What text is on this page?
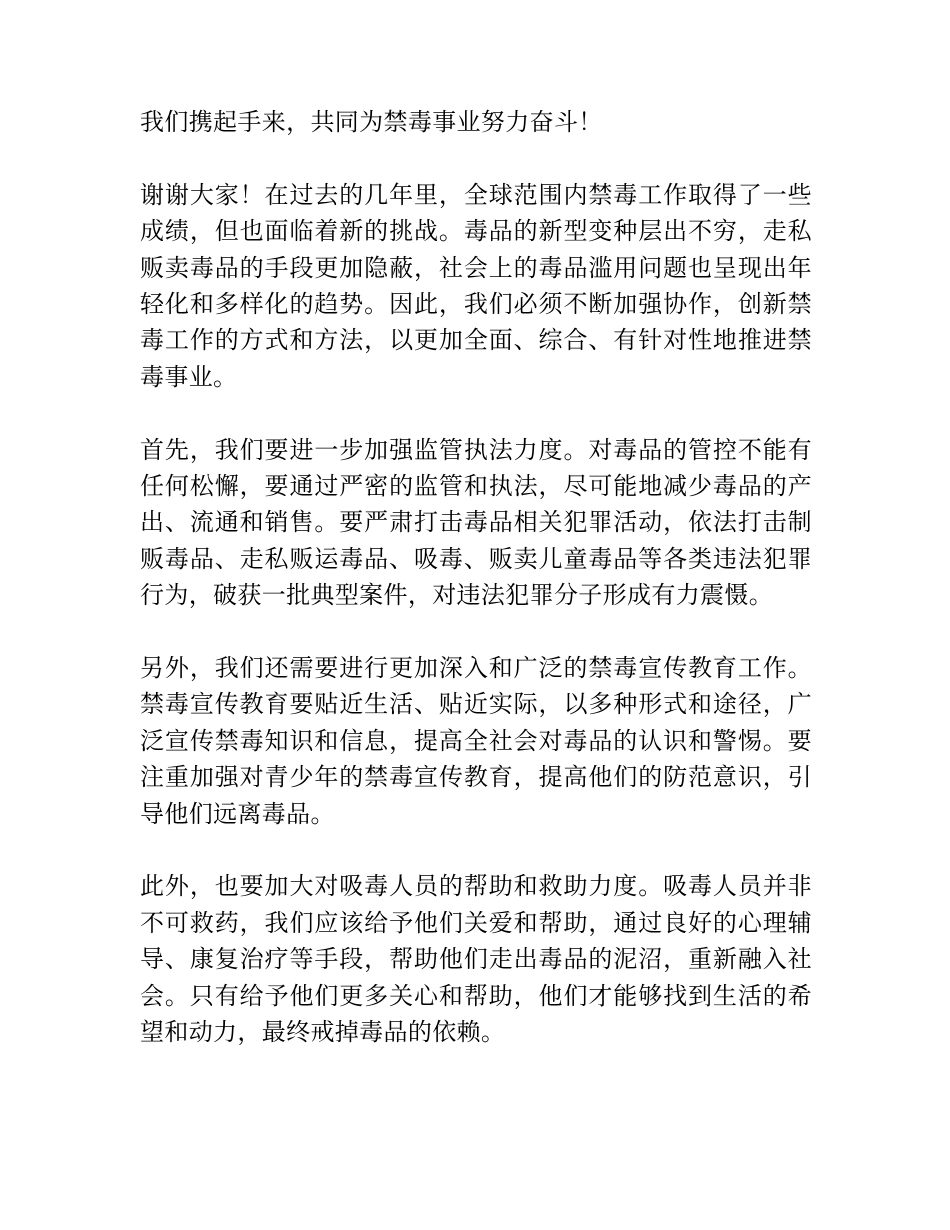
我们携起手来，共同为禁毒事业努力奋斗！

谢谢大家！在过去的几年里，全球范围内禁毒工作取得了一些成绩，但也面临着新的挑战。毒品的新型变种层出不穷，走私贩卖毒品的手段更加隐蔽，社会上的毒品滥用问题也呈现出年轻化和多样化的趋势。因此，我们必须不断加强协作，创新禁毒工作的方式和方法，以更加全面、综合、有针对性地推进禁毒事业。

首先，我们要进一步加强监管执法力度。对毒品的管控不能有任何松懈，要通过严密的监管和执法，尽可能地减少毒品的产出、流通和销售。要严肃打击毒品相关犯罪活动，依法打击制贩毒品、走私贩运毒品、吸毒、贩卖儿童毒品等各类违法犯罪行为，破获一批典型案件，对违法犯罪分子形成有力震慑。

另外，我们还需要进行更加深入和广泛的禁毒宣传教育工作。禁毒宣传教育要贴近生活、贴近实际，以多种形式和途径，广泛宣传禁毒知识和信息，提高全社会对毒品的认识和警惕。要注重加强对青少年的禁毒宣传教育，提高他们的防范意识，引导他们远离毒品。

此外，也要加大对吸毒人员的帮助和救助力度。吸毒人员并非不可救药，我们应该给予他们关爱和帮助，通过良好的心理辅导、康复治疗等手段，帮助他们走出毒品的泥沼，重新融入社会。只有给予他们更多关心和帮助，他们才能够找到生活的希望和动力，最终戒掉毒品的依赖。
